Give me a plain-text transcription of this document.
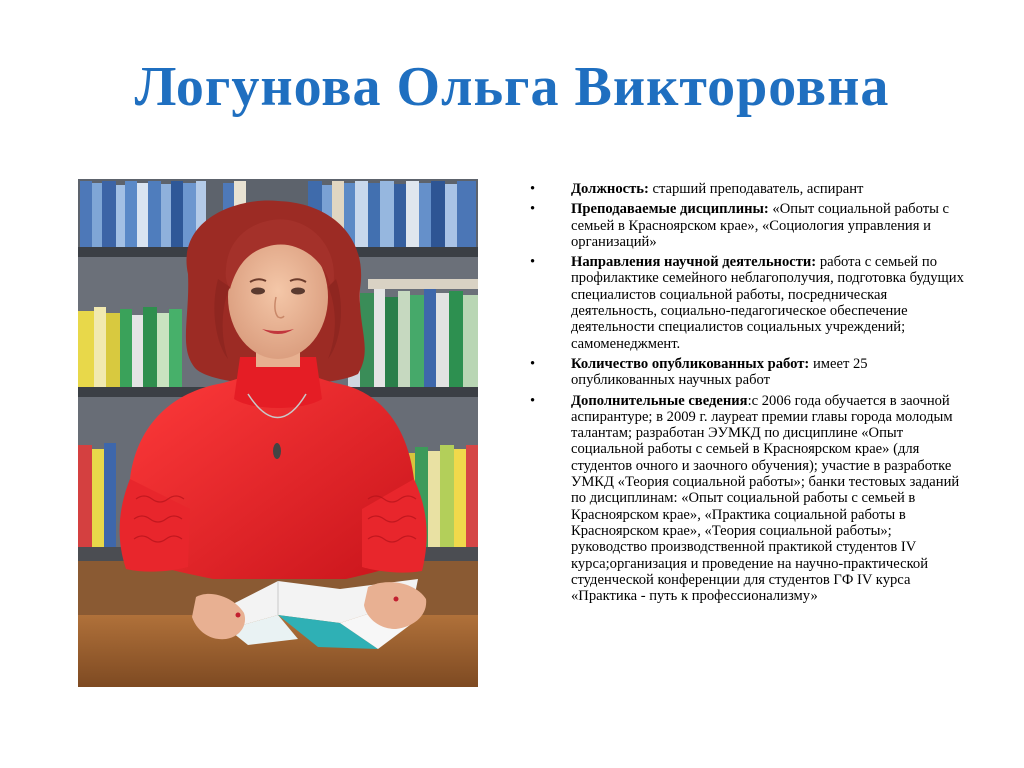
Логунова Ольга Викторовна
• Должность: старший преподаватель, аспирант
• Преподаваемые дисциплины: «Опыт социальной работы с семьей в Красноярском крае», «Социология управления и организаций»
• Направления научной деятельности: работа с семьей по профилактике семейного неблагополучия, подготовка будущих специалистов социальной работы, посредническая деятельность, социально-педагогическое обеспечение деятельности специалистов социальных учреждений; самоменеджмент.
• Количество опубликованных работ: имеет 25 опубликованных научных работ
• Дополнительные сведения:с 2006 года обучается в заочной аспирантуре; в 2009 г. лауреат премии главы города молодым талантам; разработан ЭУМКД по дисциплине «Опыт социальной работы с семьей в Красноярском крае» (для студентов очного и заочного обучения); участие в разработке УМКД «Теория социальной работы»; банки тестовых заданий по дисциплинам: «Опыт социальной работы с семьей в Красноярском крае», «Практика социальной работы в Красноярском крае», «Теория социальной работы»; руководство производственной практикой студентов IV курса;организация и проведение на научно-практической студенческой конференции для студентов ГФ IV курса «Практика - путь к профессионализму»
